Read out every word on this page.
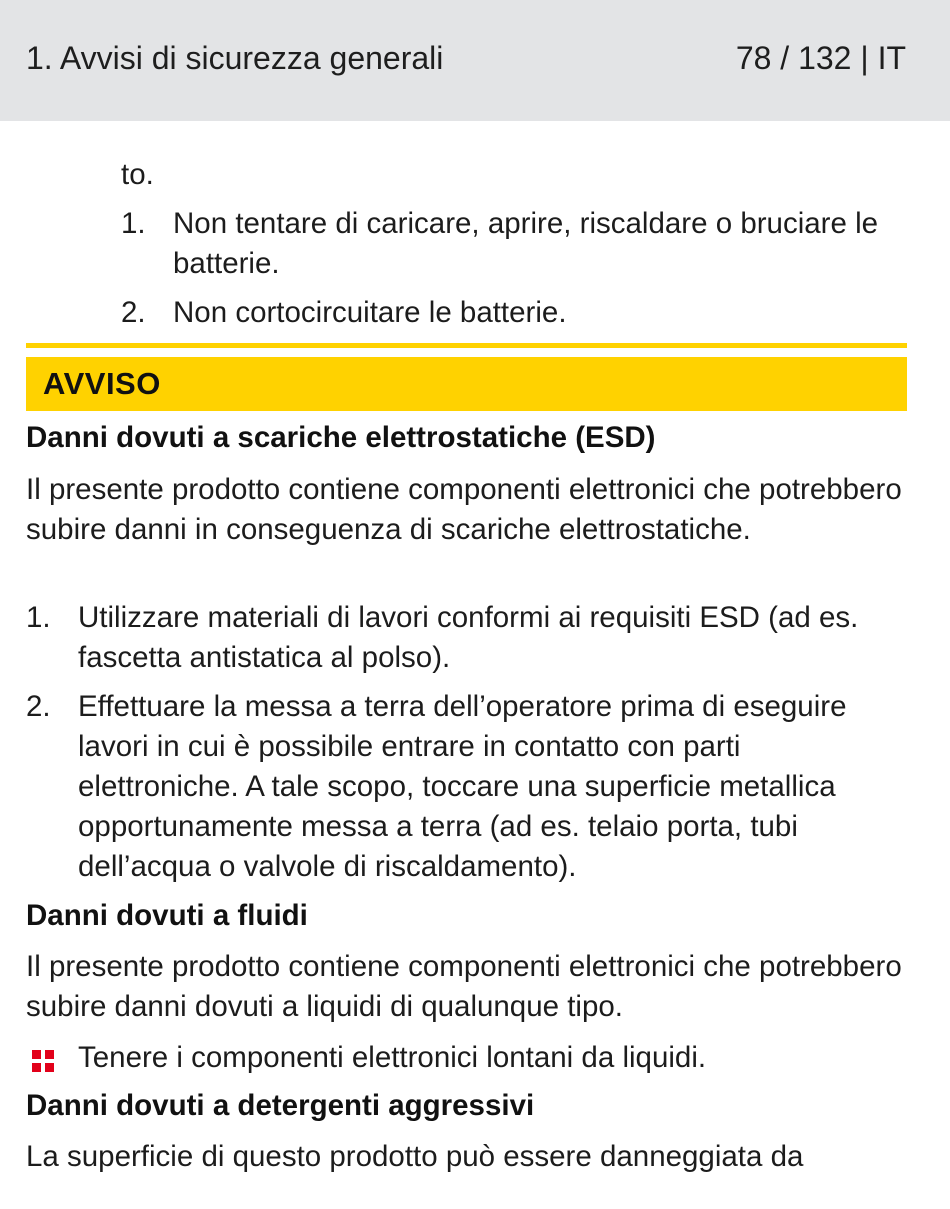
1. Avvisi di sicurezza generali	78 / 132 | IT
to.
1. Non tentare di caricare, aprire, riscaldare o bruciare le batterie.
2. Non cortocircuitare le batterie.
AVVISO
Danni dovuti a scariche elettrostatiche (ESD)
Il presente prodotto contiene componenti elettronici che potrebbero subire danni in conseguenza di scariche elettrostatiche.
1. Utilizzare materiali di lavori conformi ai requisiti ESD (ad es. fascetta antistatica al polso).
2. Effettuare la messa a terra dell’operatore prima di eseguire lavori in cui è possibile entrare in contatto con parti elettroniche. A tale scopo, toccare una superficie metallica opportunamente messa a terra (ad es. telaio porta, tubi dell’acqua o valvole di riscaldamento).
Danni dovuti a fluidi
Il presente prodotto contiene componenti elettronici che potrebbero subire danni dovuti a liquidi di qualunque tipo.
Tenere i componenti elettronici lontani da liquidi.
Danni dovuti a detergenti aggressivi
La superficie di questo prodotto può essere danneggiata da
